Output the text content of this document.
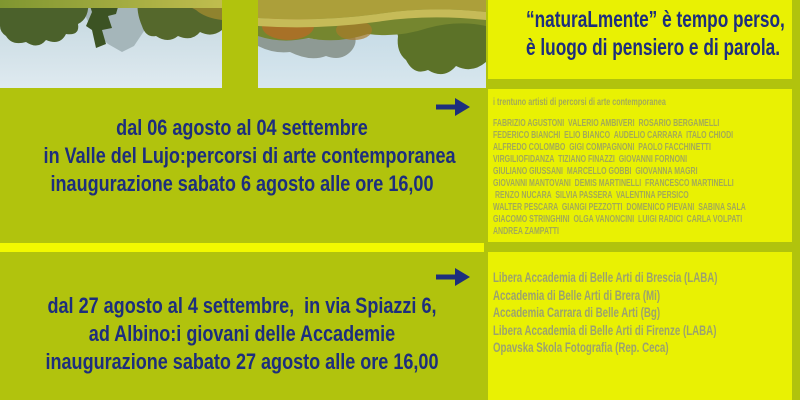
dal 06 agosto al 04 settembre
in Valle del Lujo:percorsi di arte contemporanea
inaugurazione sabato 6 agosto alle ore 16,00
dal 27 agosto al 4 settembre,  in via Spiazzi 6,
ad Albino:i giovani delle Accademie
inaugurazione sabato 27 agosto alle ore 16,00
“naturaLmente” è tempo perso,
è luogo di pensiero e di parola.
i trentuno artisti di percorsi di arte contemporanea
FABRIZIO AGUSTONI  VALERIO AMBIVERI  ROSARIO BERGAMELLI
FEDERICO BIANCHI  ELIO BIANCO  AUDELIO CARRARA  ITALO CHIODI
ALFREDO COLOMBO  GIGI COMPAGNONI  PAOLO FACCHINETTI
VIRGILIOFIDANZA  TIZIANO FINAZZI  GIOVANNI FORNONI
GIULIANO GIUSSANI  MARCELLO GOBBI  GIOVANNA MAGRI
GIOVANNI MANTOVANI  DEMIS MARTINELLI  FRANCESCO MARTINELLI
RENZO NUCARA  SILVIA PASSERA  VALENTINA PERSICO
WALTER PESCARA  GIANGI PEZZOTTI  DOMENICO PIEVANI  SABINA SALA
GIACOMO STRINGHINI  OLGA VANONCINI  LUIGI RADICI  CARLA VOLPATI
ANDREA ZAMPATTI
Libera Accademia di Belle Arti di Brescia (LABA)
Accademia di Belle Arti di Brera (Mi)
Accademia Carrara di Belle Arti (Bg)
Libera Accademia di Belle Arti di Firenze (LABA)
Opavska Skola Fotografia (Rep. Ceca)
